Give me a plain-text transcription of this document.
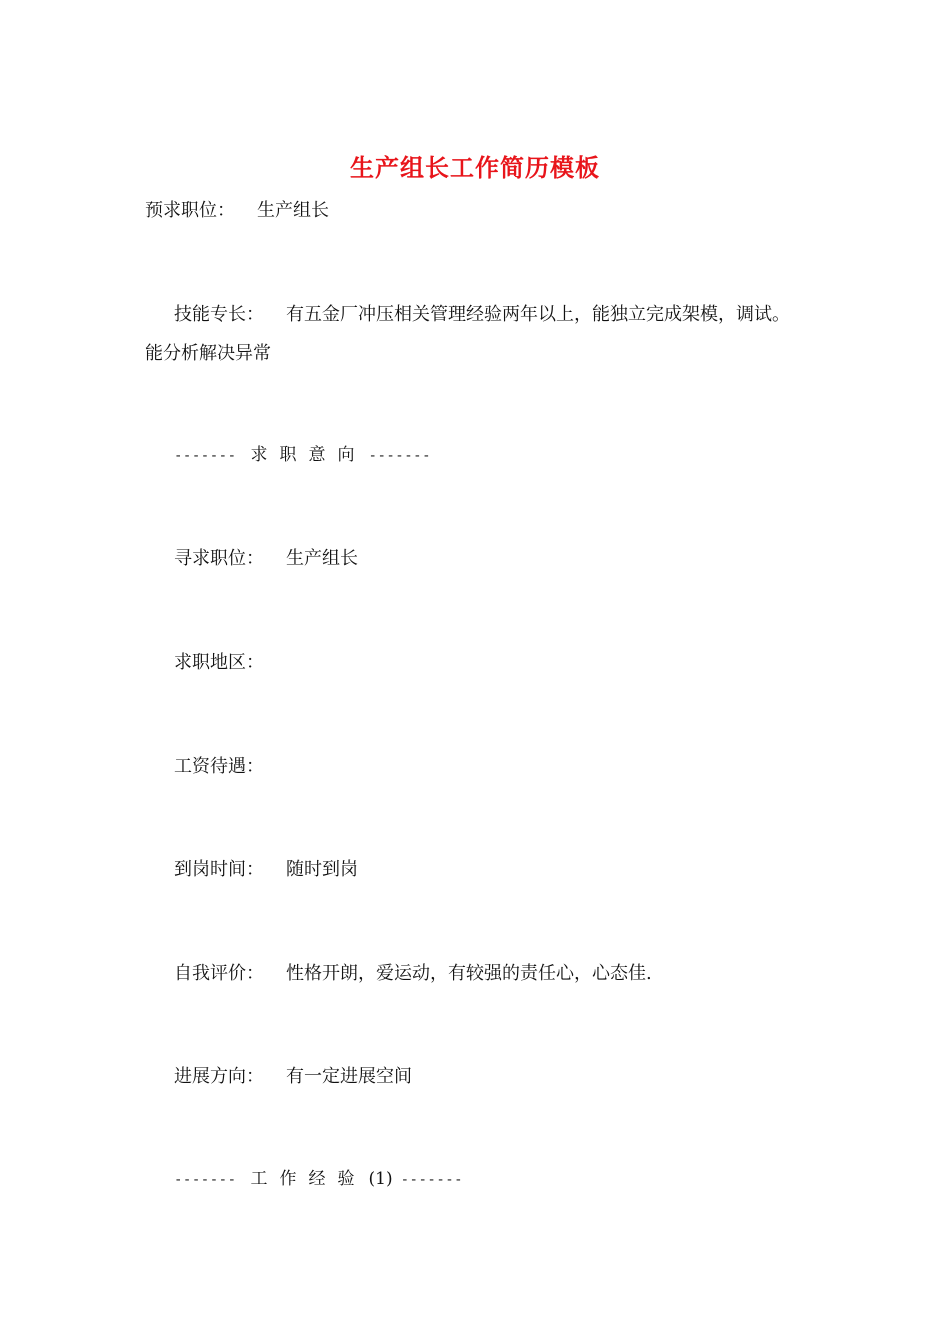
生产组长工作简历模板
预求职位： 生产组长
技能专长： 有五金厂冲压相关管理经验两年以上，能独立完成架模，调试。
能分析解决异常
------- 求职意向 -------
寻求职位： 生产组长
求职地区：
工资待遇：
到岗时间： 随时到岗
自我评价： 性格开朗，爱运动，有较强的责任心，心态佳.
进展方向： 有一定进展空间
------- 工作经验 (1) -------
